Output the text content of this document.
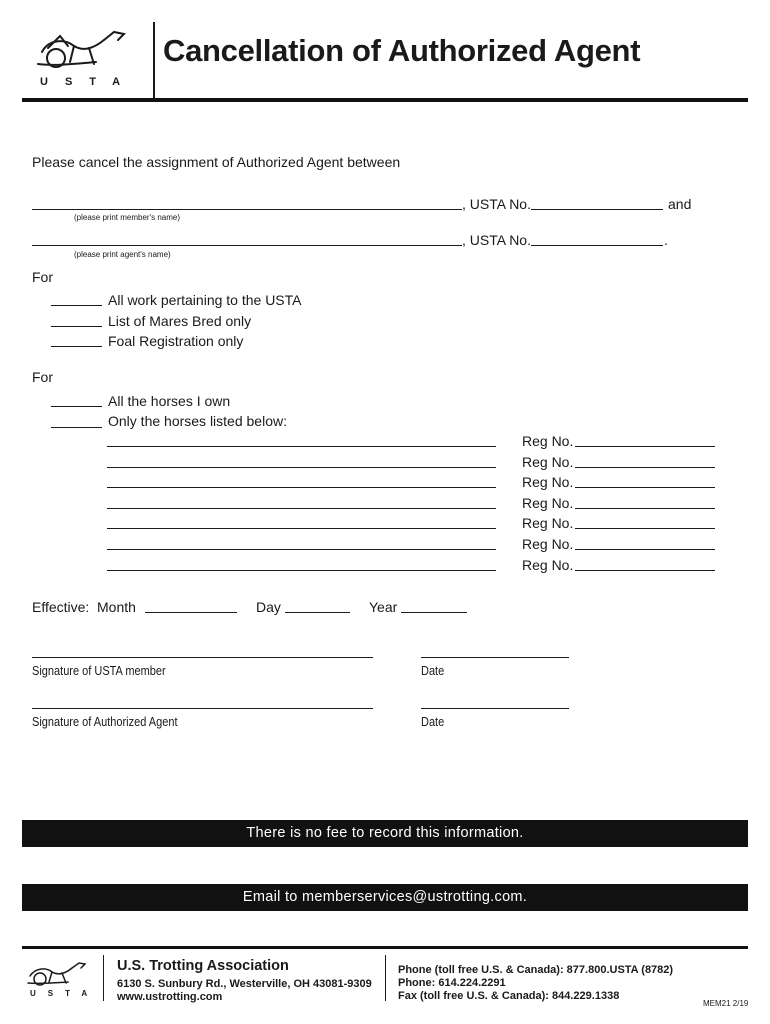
USTA
Cancellation of Authorized Agent
Please cancel the assignment of Authorized Agent between
, USTA No.	and
(please print member's name)
, USTA No.	.
(please print agent's name)
For
All work pertaining to the USTA
List of Mares Bred only
Foal Registration only
For
All the horses I own
Only the horses listed below:
Reg No.
Reg No.
Reg No.
Reg No.
Reg No.
Reg No.
Reg No.
Effective: Month	Day	Year
Signature of USTA member	Date
Signature of Authorized Agent	Date
There is no fee to record this information.
Email to memberservices@ustrotting.com.
USTA
U.S. Trotting Association
6130 S. Sunbury Rd., Westerville, OH 43081-9309
www.ustrotting.com
Phone (toll free U.S. & Canada): 877.800.USTA (8782)
Phone: 614.224.2291
Fax (toll free U.S. & Canada): 844.229.1338
MEM21 2/19
